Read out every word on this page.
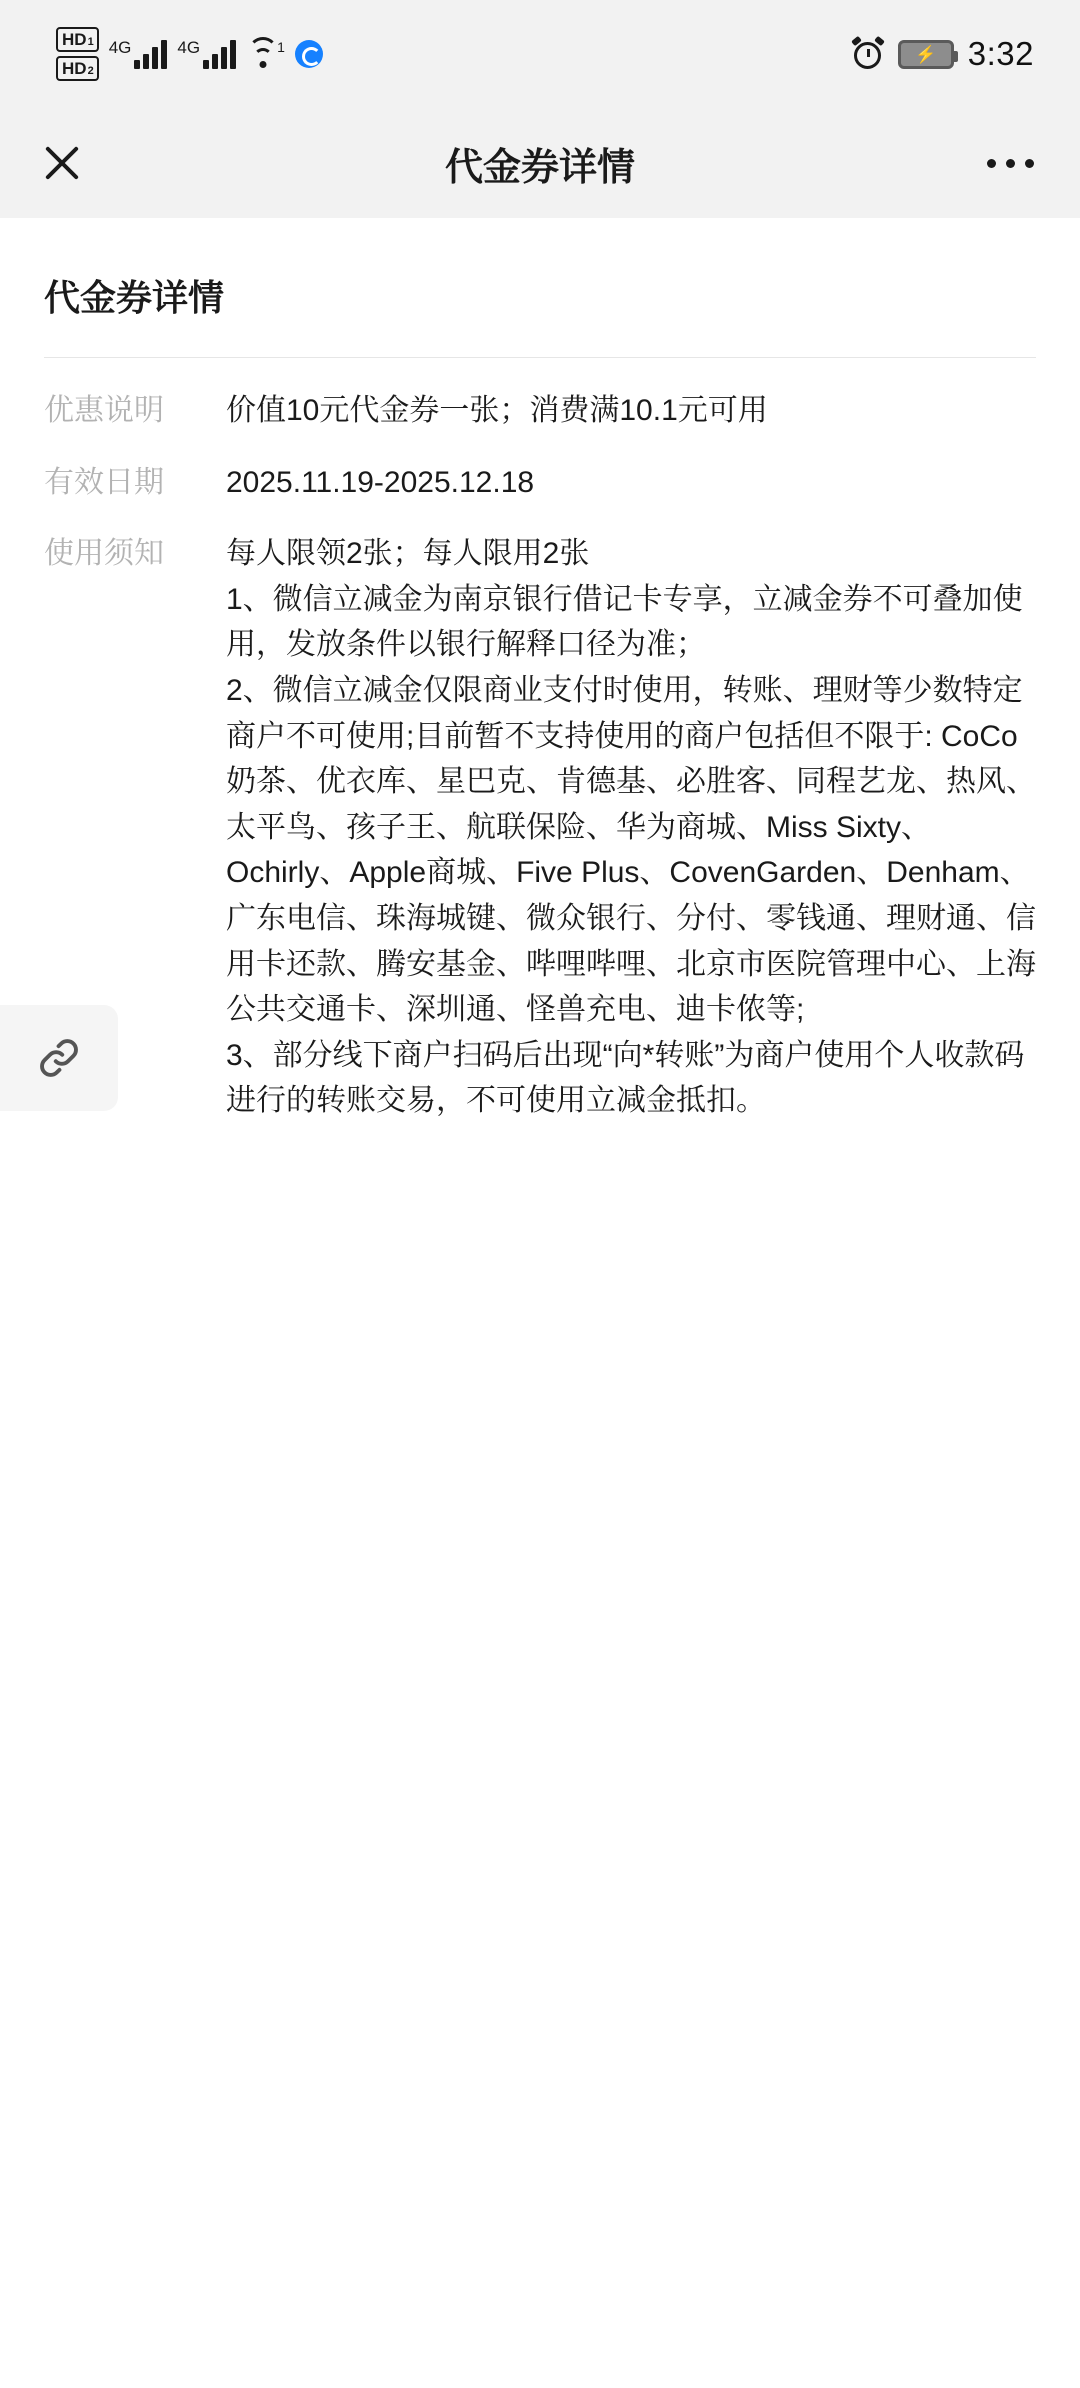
HD 1
HD 2
4G	4G	1	⚡ 3:32
代金券详情
代金券详情
优惠说明	价值10元代金券一张；消费满10.1元可用

有效日期	2025.11.19-2025.12.18

使用须知	每人限领2张；每人限用2张

1、微信立减金为南京银行借记卡专享，立减金券不可叠加使用，发放条件以银行解释口径为准；

2、微信立减金仅限商业支付时使用，转账、理财等少数特定商户不可使用;目前暂不支持使用的商户包括但不限于: CoCo奶茶、优衣库、星巴克、肯德基、必胜客、同程艺龙、热风、太平鸟、孩子王、航联保险、华为商城、Miss Sixty、Ochirly、Apple商城、Five Plus、CovenGarden、Denham、广东电信、珠海城键、微众银行、分付、零钱通、理财通、信用卡还款、腾安基金、哔哩哔哩、北京市医院管理中心、上海公共交通卡、深圳通、怪兽充电、迪卡侬等;

3、部分线下商户扫码后出现“向*转账”为商户使用个人收款码进行的转账交易，不可使用立减金抵扣。
